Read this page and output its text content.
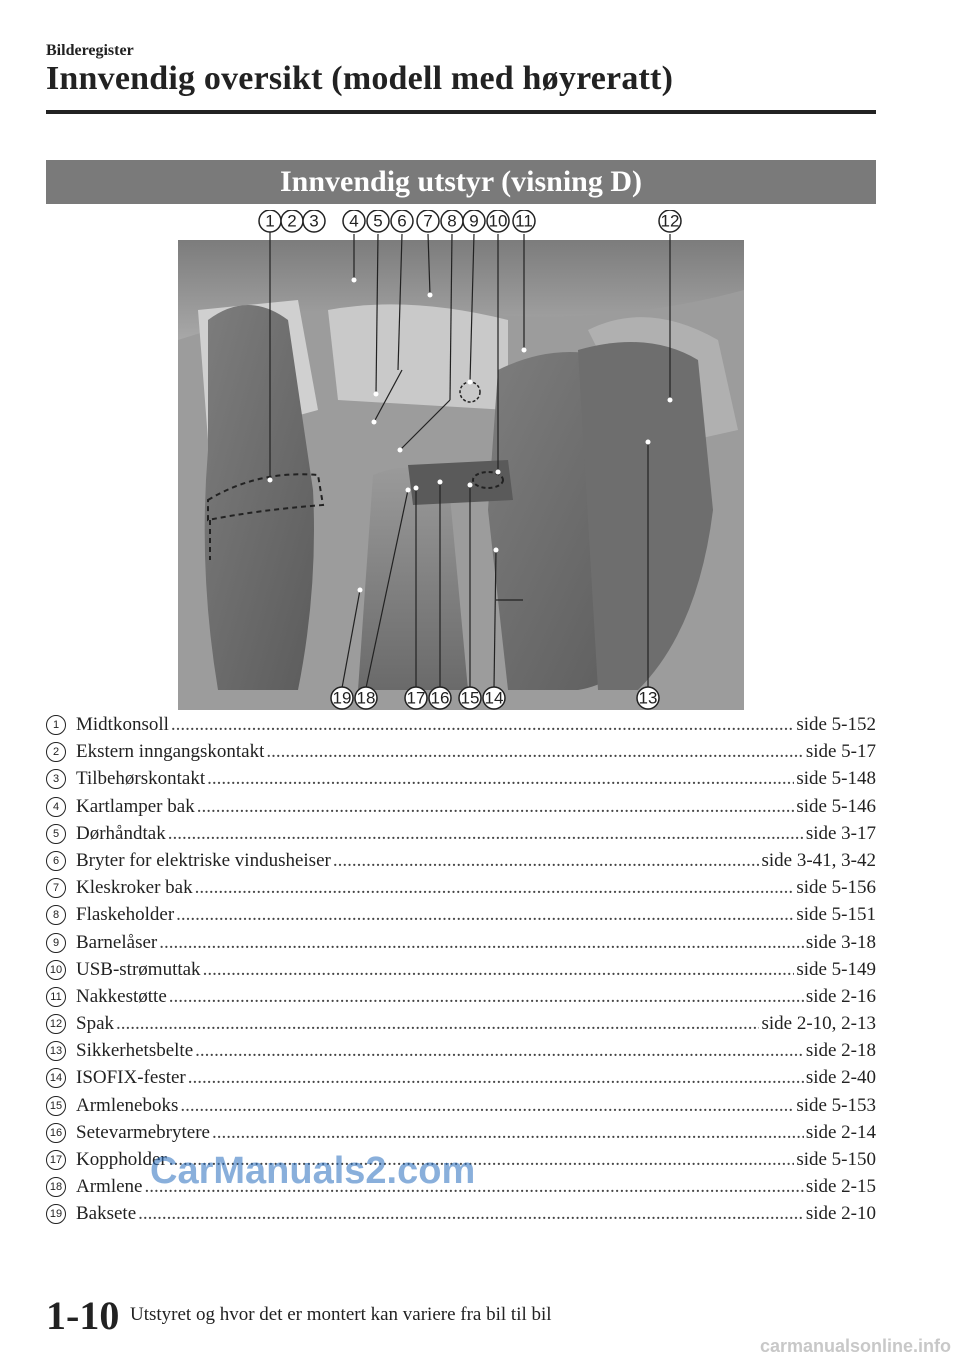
Bilderegister
Innvendig oversikt (modell med høyreratt)
Innvendig utstyr (visning D)
1 2 3 4 5 6 7 8 9 10 11	12
19 18 17 16 15 14	13
1 Midtkonsoll .....	side 5-152
2 Ekstern inngangskontakt .....	side 5-17
3 Tilbehørskontakt .....	side 5-148
4 Kartlamper bak .....	side 5-146
5 Dørhåndtak .....	side 3-17
6 Bryter for elektriske vindusheiser .....	side 3-41, 3-42
7 Kleskroker bak .....	side 5-156
8 Flaskeholder .....	side 5-151
9 Barnelåser .....	side 3-18
10 USB-strømuttak .....	side 5-149
11 Nakkestøtte .....	side 2-16
12 Spak .....	side 2-10, 2-13
13 Sikkerhetsbelte .....	side 2-18
14 ISOFIX-fester .....	side 2-40
15 Armleneboks .....	side 5-153
16 Setevarmebrytere .....	side 2-14
17 Koppholder .....	side 5-150
18 Armlene .....	side 2-15
19 Baksete .....	side 2-10
CarManuals2.com
1-10 Utstyret og hvor det er montert kan variere fra bil til bil
carmanualsonline.info
